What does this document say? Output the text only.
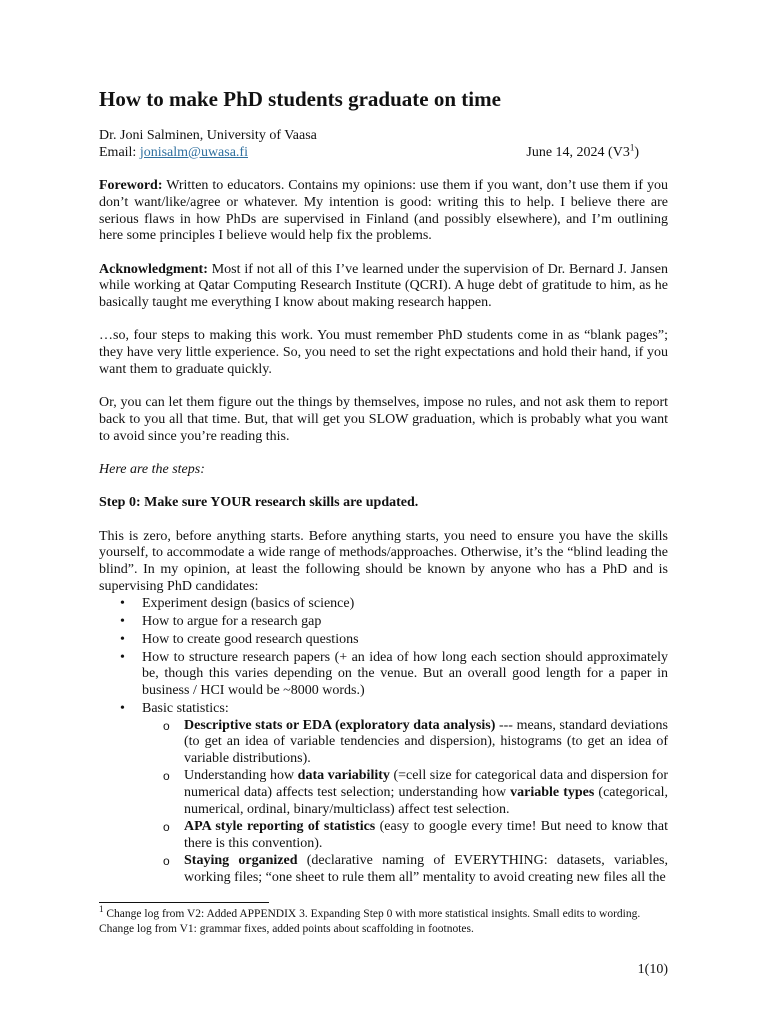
How to make PhD students graduate on time
Dr. Joni Salminen, University of Vaasa
Email: jonisalm@uwasa.fi	June 14, 2024 $(V3^1)$

Foreword: Written to educators. Contains my opinions: use them if you want, don’t use them if you don’t want/like/agree or whatever. My intention is good: writing this to help. I believe there are serious flaws in how PhDs are supervised in Finland (and possibly elsewhere), and I’m outlining here some principles I believe would help fix the problems.

Acknowledgment: Most if not all of this I’ve learned under the supervision of Dr. Bernard J. Jansen while working at Qatar Computing Research Institute (QCRI). A huge debt of gratitude to him, as he basically taught me everything I know about making research happen.

…so, four steps to making this work. You must remember PhD students come in as “blank pages”; they have very little experience. So, you need to set the right expectations and hold their hand, if you want them to graduate quickly.

Or, you can let them figure out the things by themselves, impose no rules, and not ask them to report back to you all that time. But, that will get you SLOW graduation, which is probably what you want to avoid since you’re reading this.

Here are the steps:

Step 0: Make sure YOUR research skills are updated.

This is zero, before anything starts. Before anything starts, you need to ensure you have the skills yourself, to accommodate a wide range of methods/approaches. Otherwise, it’s the “blind leading the blind”. In my opinion, at least the following should be known by anyone who has a PhD and is supervising PhD candidates:

• Experiment design (basics of science)
• How to argue for a research gap
• How to create good research questions
• How to structure research papers (+ an idea of how long each section should approximately be, though this varies depending on the venue. But an overall good length for a paper in business / HCI would be ~8000 words.)
• Basic statistics:
o Descriptive stats or EDA (exploratory data analysis) --- means, standard deviations (to get an idea of variable tendencies and dispersion), histograms (to get an idea of variable distributions).
o Understanding how data variability (=cell size for categorical data and dispersion for numerical data) affects test selection; understanding how variable types (categorical, numerical, ordinal, binary/multiclass) affect test selection.
o APA style reporting of statistics (easy to google every time! But need to know that there is this convention).
o Staying organized (declarative naming of EVERYTHING: datasets, variables, working files; “one sheet to rule them all” mentality to avoid creating new files all the
$^1$ Change log from V2: Added APPENDIX 3. Expanding Step 0 with more statistical insights. Small edits to wording.
Change log from V1: grammar fixes, added points about scaffolding in footnotes.
1(10)
